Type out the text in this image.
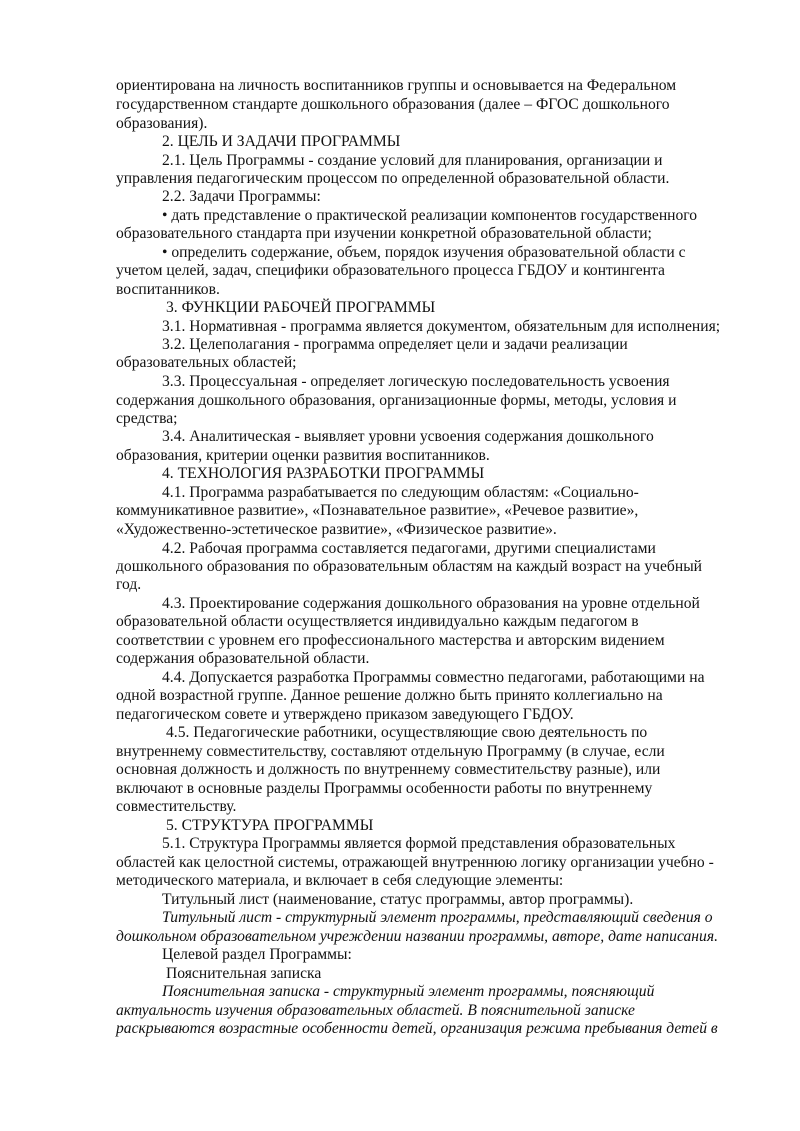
ориентирована на личность воспитанников группы и основывается на Федеральном
государственном стандарте дошкольного образования (далее – ФГОС дошкольного
образования).
2. ЦЕЛЬ И ЗАДАЧИ ПРОГРАММЫ
2.1. Цель Программы - создание условий для планирования, организации и
управления педагогическим процессом по определенной образовательной области.
2.2. Задачи Программы:
• дать представление о практической реализации компонентов государственного
образовательного стандарта при изучении конкретной образовательной области;
• определить содержание, объем, порядок изучения образовательной области с
учетом целей, задач, специфики образовательного процесса ГБДОУ и контингента
воспитанников.
3. ФУНКЦИИ РАБОЧЕЙ ПРОГРАММЫ
3.1. Нормативная - программа является документом, обязательным для исполнения;
3.2. Целеполагания - программа определяет цели и задачи реализации
образовательных областей;
3.3. Процессуальная - определяет логическую последовательность усвоения
содержания дошкольного образования, организационные формы, методы, условия и
средства;
3.4. Аналитическая - выявляет уровни усвоения содержания дошкольного
образования, критерии оценки развития воспитанников.
4. ТЕХНОЛОГИЯ РАЗРАБОТКИ ПРОГРАММЫ
4.1. Программа разрабатывается по следующим областям: «Социально-
коммуникативное развитие», «Познавательное развитие», «Речевое развитие»,
«Художественно-эстетическое развитие», «Физическое развитие».
4.2. Рабочая программа составляется педагогами, другими специалистами
дошкольного образования по образовательным областям на каждый возраст на учебный
год.
4.3. Проектирование содержания дошкольного образования на уровне отдельной
образовательной области осуществляется индивидуально каждым педагогом в
соответствии с уровнем его профессионального мастерства и авторским видением
содержания образовательной области.
4.4. Допускается разработка Программы совместно педагогами, работающими на
одной возрастной группе. Данное решение должно быть принято коллегиально на
педагогическом совете и утверждено приказом заведующего ГБДОУ.
4.5. Педагогические работники, осуществляющие свою деятельность по
внутреннему совместительству, составляют отдельную Программу (в случае, если
основная должность и должность по внутреннему совместительству разные), или
включают в основные разделы Программы особенности работы по внутреннему
совместительству.
5. СТРУКТУРА ПРОГРАММЫ
5.1. Структура Программы является формой представления образовательных
областей как целостной системы, отражающей внутреннюю логику организации учебно -
методического материала, и включает в себя следующие элементы:
Титульный лист (наименование, статус программы, автор программы).
Титульный лист - структурный элемент программы, представляющий сведения о
дошкольном образовательном учреждении названии программы, авторе, дате написания.
Целевой раздел Программы:
Пояснительная записка
Пояснительная записка - структурный элемент программы, поясняющий
актуальность изучения образовательных областей. В пояснительной записке
раскрываются возрастные особенности детей, организация режима пребывания детей в
